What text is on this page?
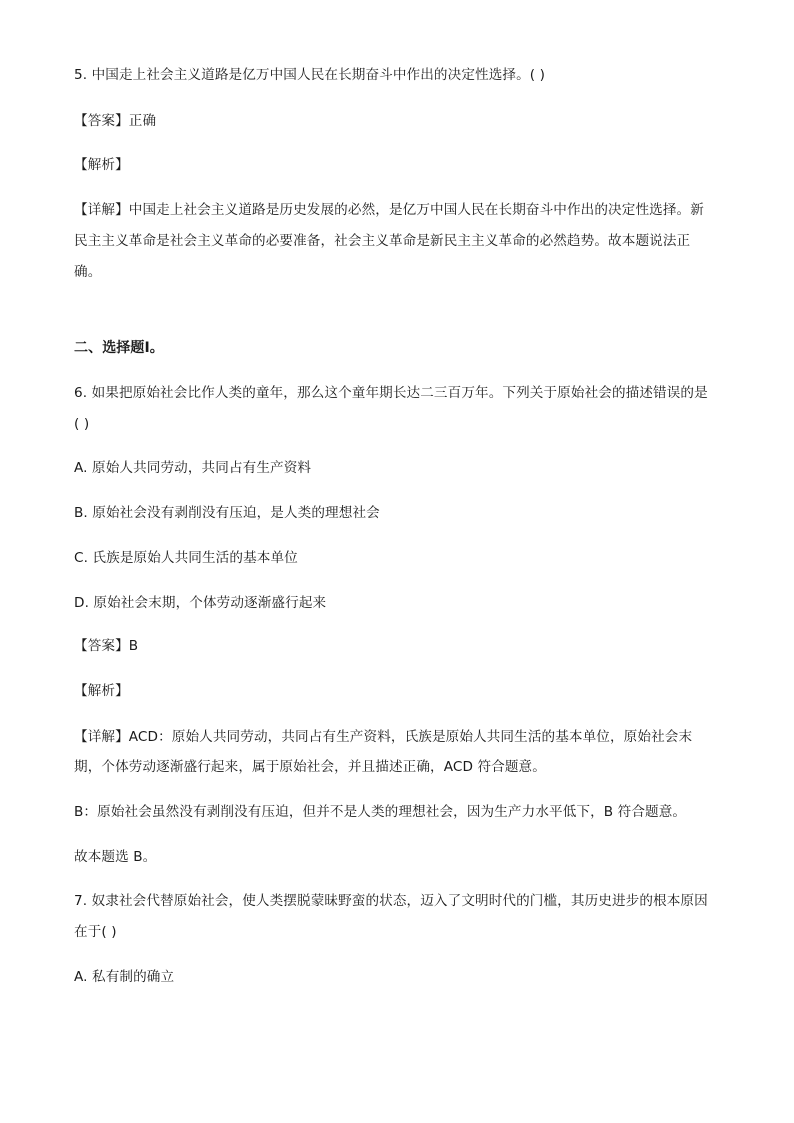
5. 中国走上社会主义道路是亿万中国人民在长期奋斗中作出的决定性选择。( )
【答案】正确
【解析】
【详解】中国走上社会主义道路是历史发展的必然，是亿万中国人民在长期奋斗中作出的决定性选择。新
民主主义革命是社会主义革命的必要准备，社会主义革命是新民主主义革命的必然趋势。故本题说法正
确。
二、选择题Ⅰ。
6. 如果把原始社会比作人类的童年，那么这个童年期长达二三百万年。下列关于原始社会的描述错误的是
( )
A. 原始人共同劳动，共同占有生产资料
B. 原始社会没有剥削没有压迫，是人类的理想社会
C. 氏族是原始人共同生活的基本单位
D. 原始社会末期，个体劳动逐渐盛行起来
【答案】B
【解析】
【详解】ACD：原始人共同劳动，共同占有生产资料，氏族是原始人共同生活的基本单位，原始社会末
期，个体劳动逐渐盛行起来，属于原始社会，并且描述正确，ACD 符合题意。
B：原始社会虽然没有剥削没有压迫，但并不是人类的理想社会，因为生产力水平低下，B 符合题意。
故本题选 B。
7. 奴隶社会代替原始社会，使人类摆脱蒙昧野蛮的状态，迈入了文明时代的门槛，其历史进步的根本原因
在于( )
A. 私有制的确立
